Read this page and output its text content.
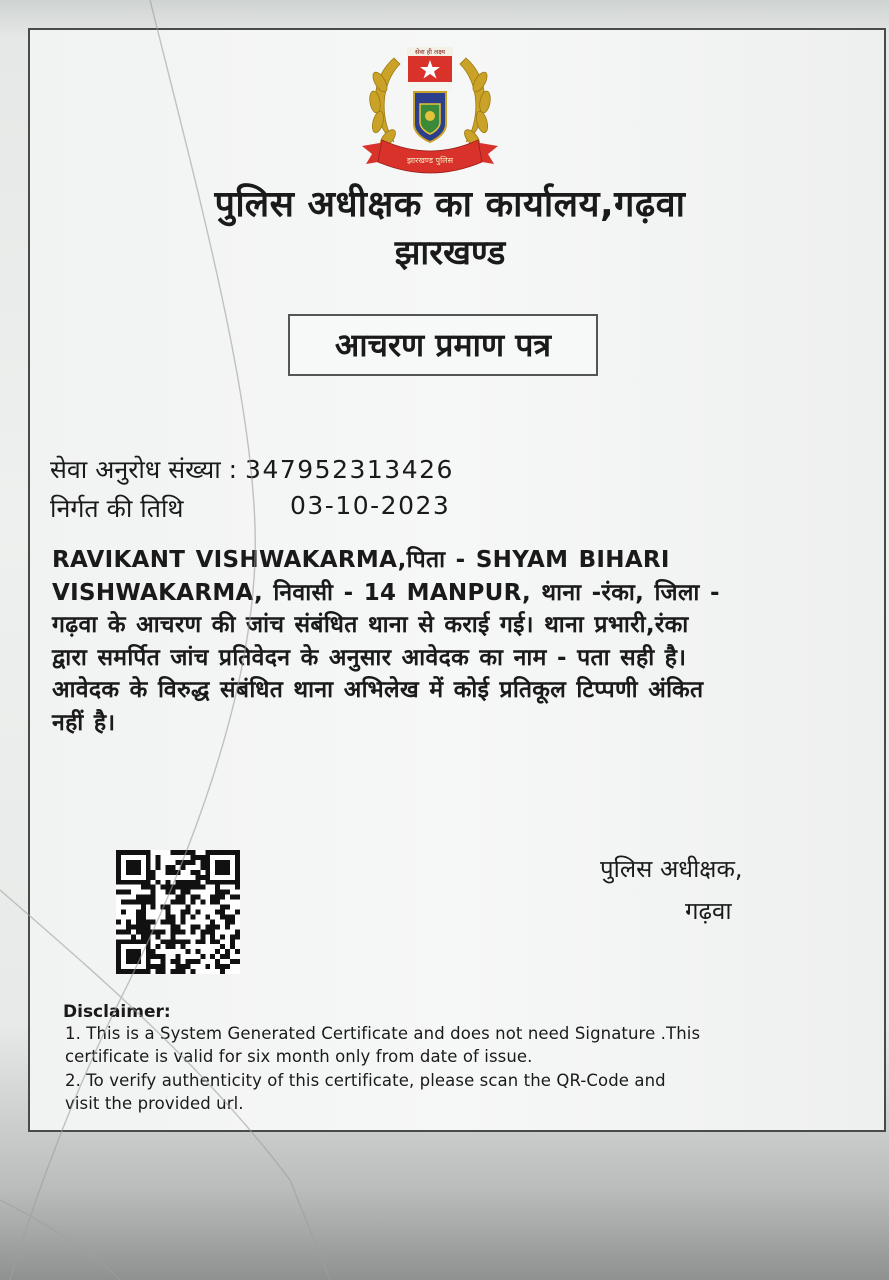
सेवा ही लक्ष्य
झारखण्ड पुलिस
पुलिस अधीक्षक का कार्यालय,गढ़वा
झारखण्ड
आचरण प्रमाण पत्र
सेवा अनुरोध संख्या : 347952313426
निर्गत की तिथि	03-10-2023
RAVIKANT VISHWAKARMA,पिता - SHYAM BIHARI
VISHWAKARMA, निवासी - 14 MANPUR, थाना -रंका, जिला -
गढ़वा के आचरण की जांच संबंधित थाना से कराई गई। थाना प्रभारी,रंका
द्वारा समर्पित जांच प्रतिवेदन के अनुसार आवेदक का नाम - पता सही है।
आवेदक के विरुद्ध संबंधित थाना अभिलेख में कोई प्रतिकूल टिप्पणी अंकित
नहीं है।
पुलिस अधीक्षक,
गढ़वा
Disclaimer:
1. This is a System Generated Certificate and does not need Signature .This
certificate is valid for six month only from date of issue.
2. To verify authenticity of this certificate, please scan the QR-Code and
visit the provided url.
